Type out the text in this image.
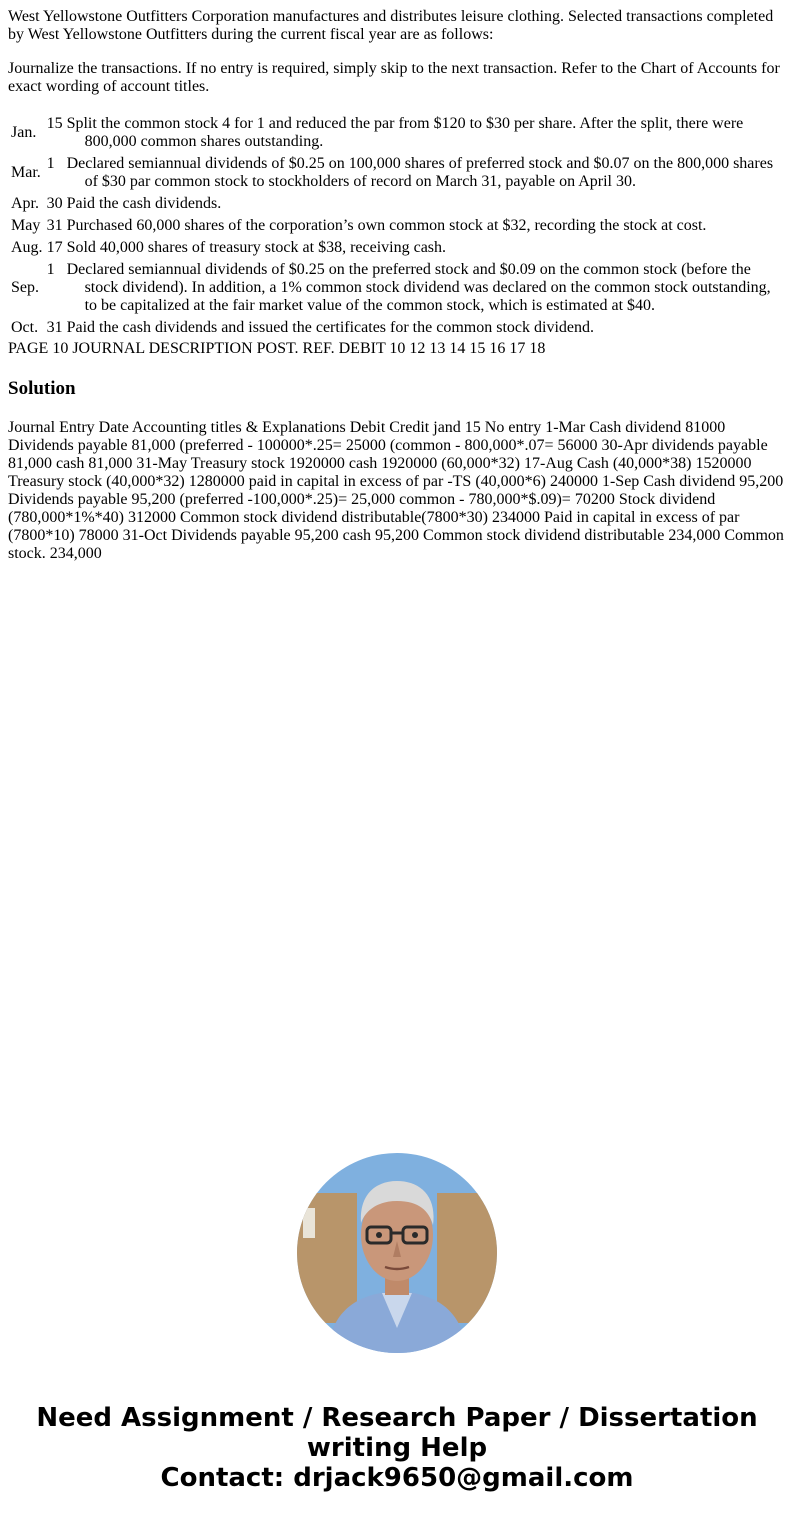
West Yellowstone Outfitters Corporation manufactures and distributes leisure clothing. Selected transactions completed by West Yellowstone Outfitters during the current fiscal year are as follows:

Journalize the transactions. If no entry is required, simply skip to the next transaction. Refer to the Chart of Accounts for exact wording of account titles.

Jan.	15	Split the common stock 4 for 1 and reduced the par from $120 to $30 per share. After the split, there were 800,000 common shares outstanding.

Mar.	1	Declared semiannual dividends of $0.25 on 100,000 shares of preferred stock and $0.07 on the 800,000 shares of $30 par common stock to stockholders of record on March 31, payable on April 30.

Apr.	30	Paid the cash dividends.

May	31	Purchased 60,000 shares of the corporation’s own common stock at $32, recording the stock at cost.

Aug.	17	Sold 40,000 shares of treasury stock at $38, receiving cash.

Sep.	1	Declared semiannual dividends of $0.25 on the preferred stock and $0.09 on the common stock (before the stock dividend). In addition, a 1% common stock dividend was declared on the common stock outstanding, to be capitalized at the fair market value of the common stock, which is estimated at $40.

Oct.	31	Paid the cash dividends and issued the certificates for the common stock dividend.
PAGE 10 JOURNAL DESCRIPTION POST. REF. DEBIT 10 12 13 14 15 16 17 18
Solution

Journal Entry Date Accounting titles & Explanations Debit Credit jand 15 No entry 1-Mar Cash dividend 81000 Dividends payable 81,000 (preferred - 100000*.25= 25000 (common - 800,000*.07= 56000 30-Apr dividends payable 81,000 cash 81,000 31-May Treasury stock 1920000 cash 1920000 (60,000*32) 17-Aug Cash (40,000*38) 1520000 Treasury stock (40,000*32) 1280000 paid in capital in excess of par -TS (40,000*6) 240000 1-Sep Cash dividend 95,200 Dividends payable 95,200 (preferred -100,000*.25)= 25,000 common - 780,000*$.09)= 70200 Stock dividend (780,000*1%*40) 312000 Common stock dividend distributable(7800*30) 234000 Paid in capital in excess of par (7800*10) 78000 31-Oct Dividends payable 95,200 cash 95,200 Common stock dividend distributable 234,000 Common stock. 234,000

Need Assignment / Research Paper / Dissertation
writing Help
Contact: drjack9650@gmail.com
